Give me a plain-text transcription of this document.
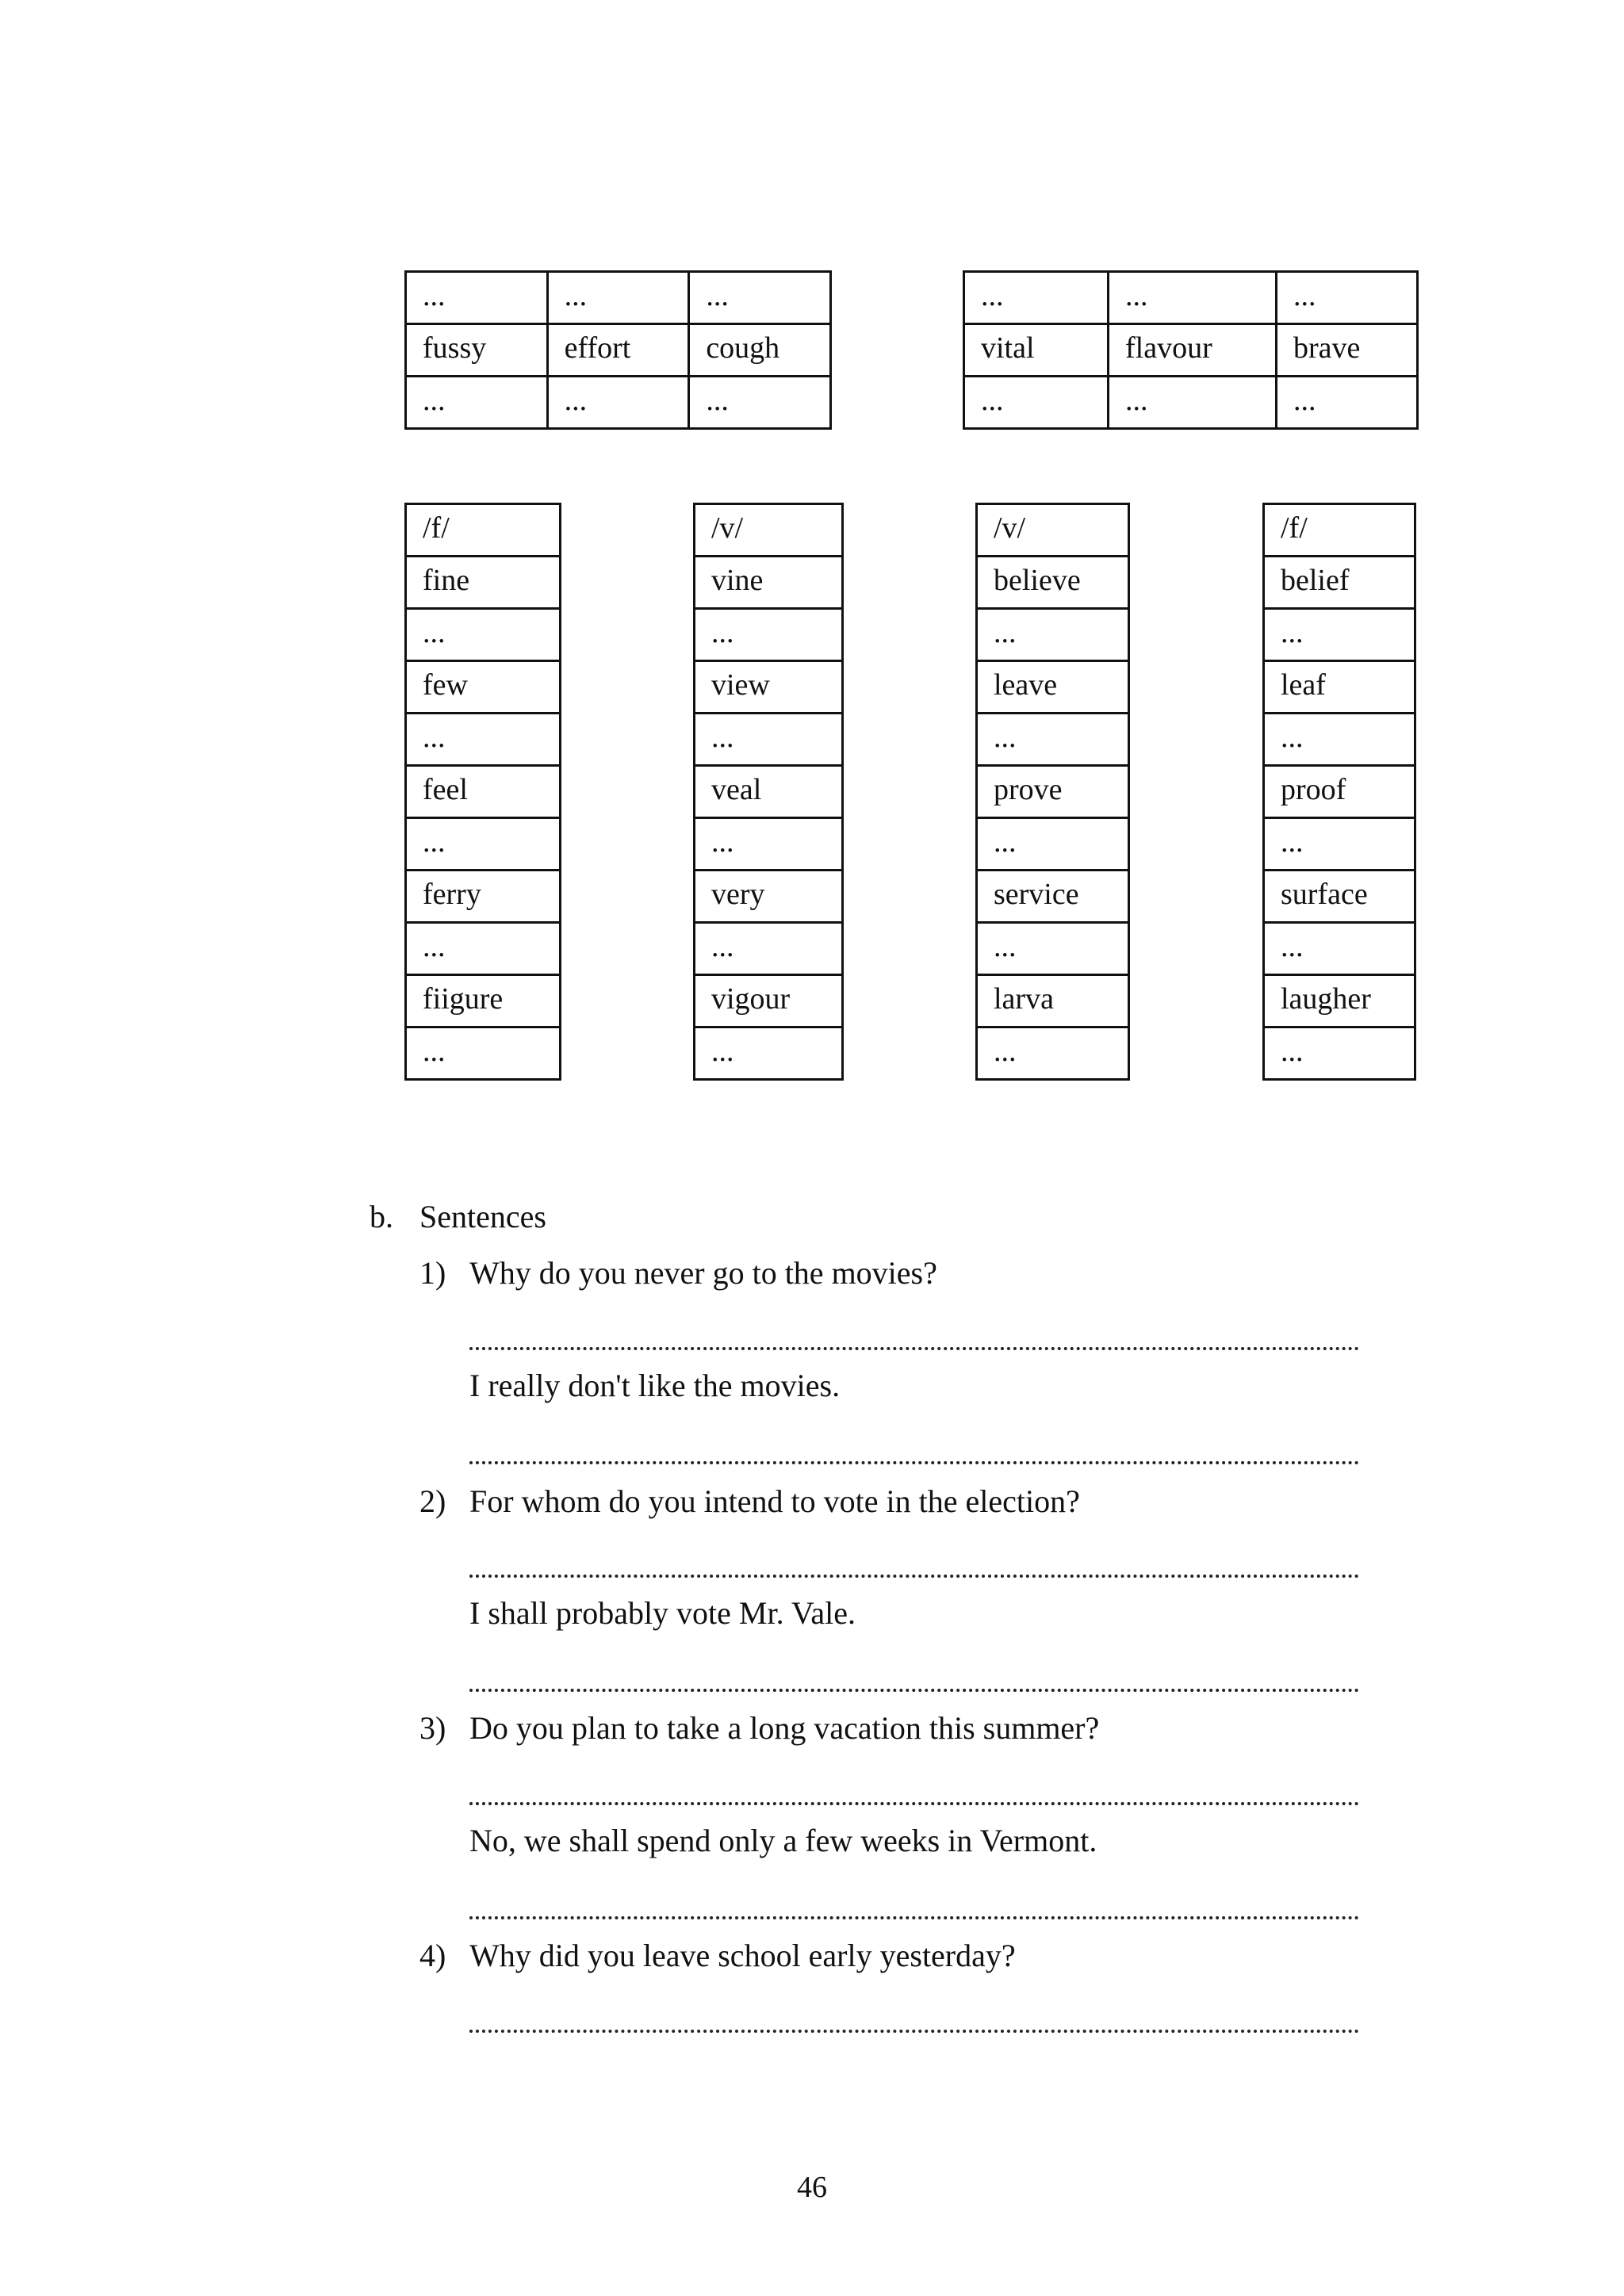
...	...	...
fussy	effort	cough
...	...	...
...	...	...
vital	flavour	brave
...	...	...
/f/
fine
...
few
...
feel
...
ferry
...
fiigure
...
/v/
vine
...
view
...
veal
...
very
...
vigour
...
/v/
believe
...
leave
...
prove
...
service
...
larva
...
/f/
belief
...
leaf
...
proof
...
surface
...
laugher
...
b. Sentences
1) Why do you never go to the movies?
I really don't like the movies.
2) For whom do you intend to vote in the election?
I shall probably vote Mr. Vale.
3) Do you plan to take a long vacation this summer?
No, we shall spend only a few weeks in Vermont.
4) Why did you leave school early yesterday?
46
